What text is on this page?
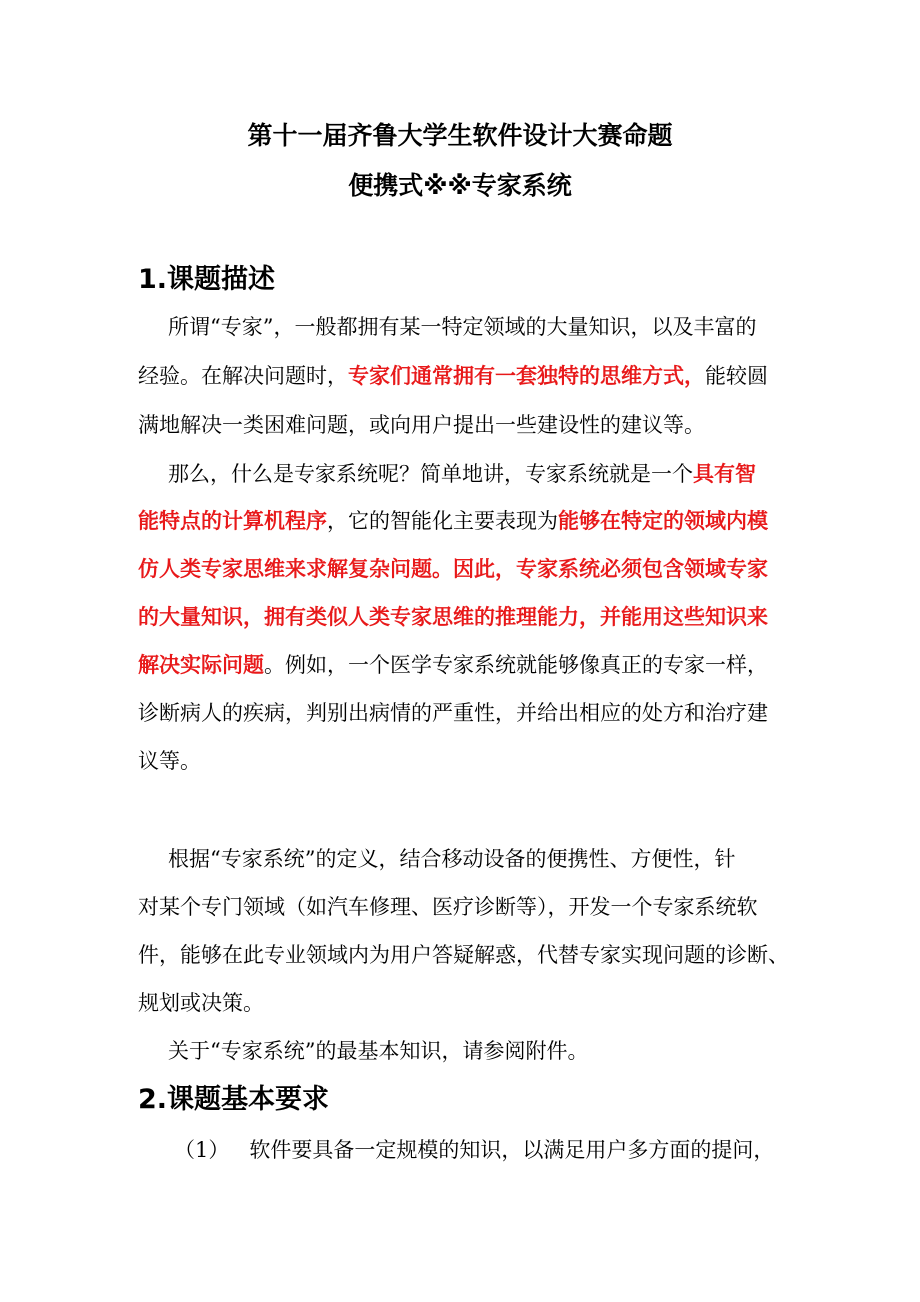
第十一届齐鲁大学生软件设计大赛命题
便携式※※专家系统
1.课题描述
所谓“专家”，一般都拥有某一特定领域的大量知识，以及丰富的
经验。在解决问题时，专家们通常拥有一套独特的思维方式，能较圆
满地解决一类困难问题，或向用户提出一些建设性的建议等。
那么，什么是专家系统呢？简单地讲，专家系统就是一个具有智
能特点的计算机程序，它的智能化主要表现为能够在特定的领域内模
仿人类专家思维来求解复杂问题。因此，专家系统必须包含领域专家
的大量知识，拥有类似人类专家思维的推理能力，并能用这些知识来
解决实际问题。例如，一个医学专家系统就能够像真正的专家一样，
诊断病人的疾病，判别出病情的严重性，并给出相应的处方和治疗建
议等。
根据“专家系统”的定义，结合移动设备的便携性、方便性，针
对某个专门领域（如汽车修理、医疗诊断等），开发一个专家系统软
件，能够在此专业领域内为用户答疑解惑，代替专家实现问题的诊断、
规划或决策。
关于“专家系统”的最基本知识，请参阅附件。
2.课题基本要求
（1） 软件要具备一定规模的知识，以满足用户多方面的提问，
